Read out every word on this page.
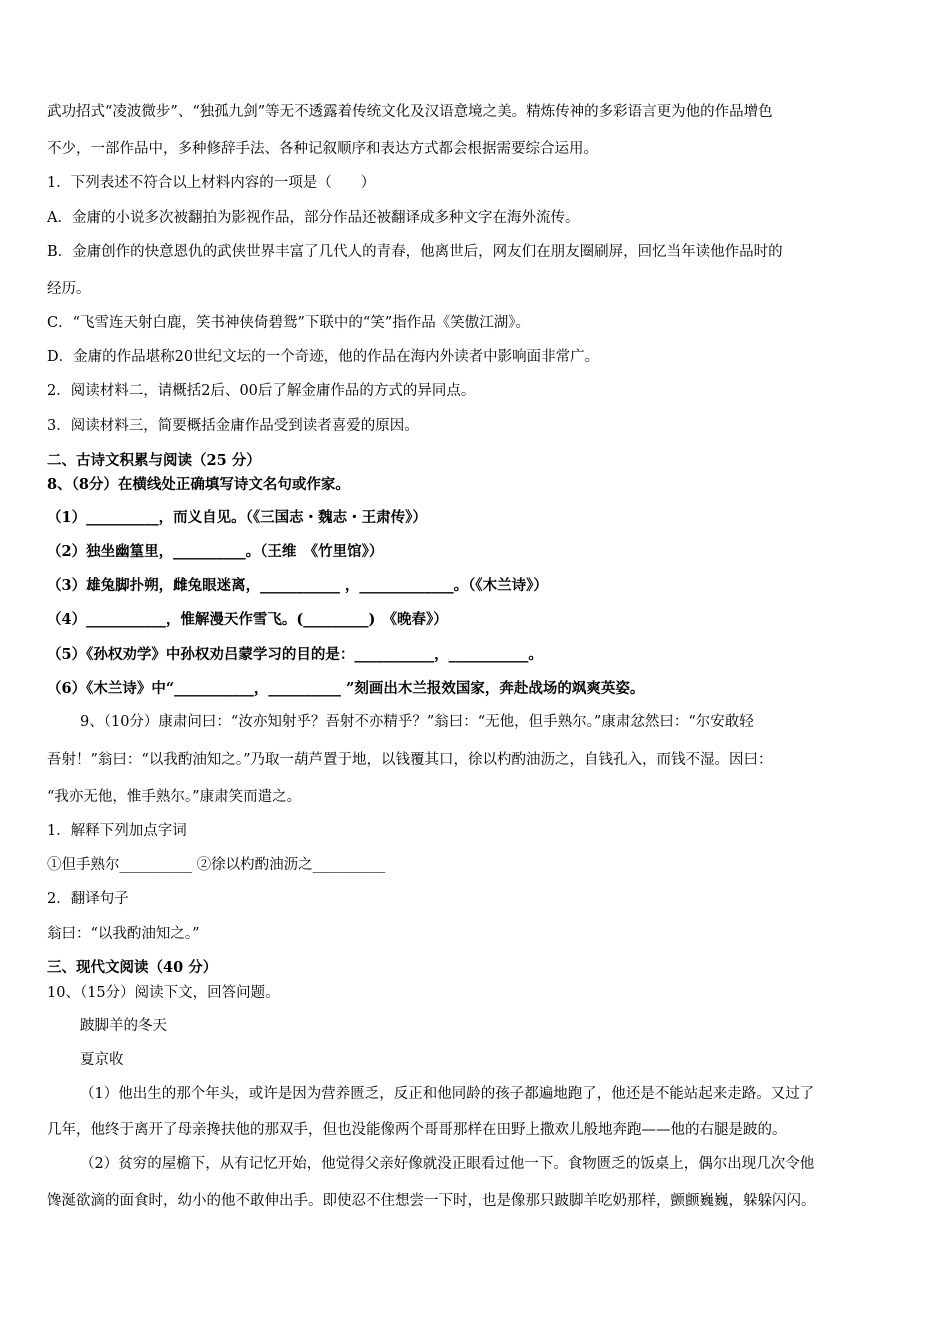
武功招式“凌波微步”、“独孤九剑”等无不透露着传统文化及汉语意境之美。精炼传神的多彩语言更为他的作品增色
不少，一部作品中，多种修辞手法、各种记叙顺序和表达方式都会根据需要综合运用。
1．下列表述不符合以上材料内容的一项是（　　）
A．金庸的小说多次被翻拍为影视作品，部分作品还被翻译成多种文字在海外流传。
B．金庸创作的快意恩仇的武侠世界丰富了几代人的青春，他离世后，网友们在朋友圈刷屏，回忆当年读他作品时的
经历。
C．“飞雪连天射白鹿，笑书神侠倚碧鸳”下联中的“笑”指作品《笑傲江湖》。
D．金庸的作品堪称20世纪文坛的一个奇迹，他的作品在海内外读者中影响面非常广。
2．阅读材料二，请概括2后、00后了解金庸作品的方式的异同点。
3．阅读材料三，简要概括金庸作品受到读者喜爱的原因。
二、古诗文积累与阅读（25 分）
8、（8分）在横线处正确填写诗文名句或作家。
（1）__________，而义自见。（《三国志・魏志・王肃传》）
（2）独坐幽篁里，__________。（王维　《竹里馆》）
（3）雄兔脚扑朔，雌兔眼迷离，___________ ，_____________。（《木兰诗》）
（4）___________，惟解漫天作雪飞。(_________)　《晚春》）
（5）《孙权劝学》中孙权劝吕蒙学习的目的是：___________，___________。
（6）《木兰诗》中“___________，__________ ”刻画出木兰报效国家，奔赴战场的飒爽英姿。
9、（10分）康肃问曰：“汝亦知射乎？吾射不亦精乎？”翁曰：“无他，但手熟尔。”康肃忿然曰：“尔安敢轻
吾射！”翁曰：“以我酌油知之。”乃取一葫芦置于地，以钱覆其口，徐以杓酌油沥之，自钱孔入，而钱不湿。因曰：
“我亦无他，惟手熟尔。”康肃笑而遣之。
1．解释下列加点字词
①但手熟尔__________ ②徐以杓酌油沥之__________
2．翻译句子
翁曰：“以我酌油知之。”
三、现代文阅读（40 分）
10、（15分）阅读下文，回答问题。
跛脚羊的冬天
夏京收
（1）他出生的那个年头，或许是因为营养匮乏，反正和他同龄的孩子都遍地跑了，他还是不能站起来走路。又过了
几年，他终于离开了母亲搀扶他的那双手，但也没能像两个哥哥那样在田野上撒欢儿般地奔跑——他的右腿是跛的。
（2）贫穷的屋檐下，从有记忆开始，他觉得父亲好像就没正眼看过他一下。食物匮乏的饭桌上，偶尔出现几次令他
馋涎欲滴的面食时，幼小的他不敢伸出手。即使忍不住想尝一下时，也是像那只跛脚羊吃奶那样，颤颤巍巍，躲躲闪闪。
